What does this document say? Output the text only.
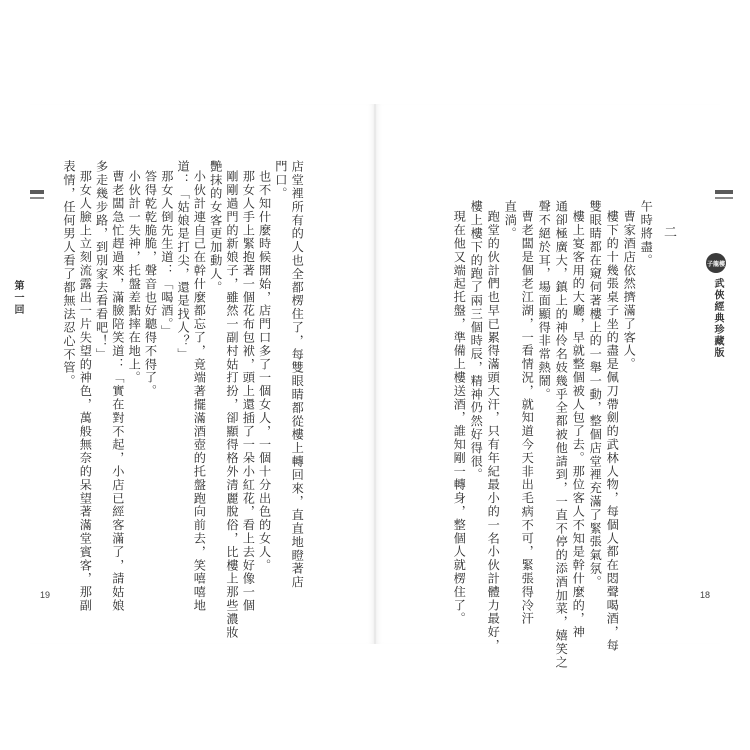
第一回
19
店堂裡所有的人也全都楞住了，每雙眼睛都從樓上轉回來，直直地瞪著店
門口。
也不知什麼時候開始，店門口多了一個女人，一個十分出色的女人。
那女人手上緊抱著一個花布包袱，頭上還插了一朵小紅花，看上去好像一個
剛剛過門的新娘子，雖然一副村姑打扮，卻顯得格外清麗脫俗，比樓上那些濃妝
艷抹的女客更加動人。
小伙計連自己在幹什麼都忘了，竟端著擺滿酒壺的托盤跑向前去，笑嘻嘻地
道：「姑娘是打尖，還是找人？」
那女人倒先生道：「喝酒。」
答得乾乾脆脆，聲音也好聽得不得了。
小伙計一失神，托盤差點摔在地上。
曹老闆急忙趕過來，滿臉陪笑道：「實在對不起，小店已經客滿了，請姑娘
多走幾步路，到別家去看看吧！」
那女人臉上立刻流露出一片失望的神色，萬般無奈的呆望著滿堂賓客，那副
表情，任何男人看了都無法忍心不管。	子龍樓
武俠經典珍藏版
18
二
午時將盡。
曹家酒店依然擠滿了客人。
樓下的十幾張桌子坐的盡是佩刀帶劍的武林人物，每個人都在悶聲喝酒，每
雙眼睛都在窺伺著樓上的一舉一動，整個店堂裡充滿了緊張氣氛。
樓上宴客用的大廳，早就整個被人包了去。那位客人不知是幹什麼的，神
通卻極廣大，鎮上的神伶名妓幾乎全都被他請到，一直不停的添酒加菜，嬉笑之
聲不絕於耳，場面顯得非常熱鬧。
曹老闆是個老江湖，一看情況，就知道今天非出毛病不可，緊張得冷汗
直淌。
跑堂的伙計們也早已累得滿頭大汗，只有年紀最小的一名小伙計體力最好，
樓上樓下的跑了兩三個時辰，精神仍然好得很。
現在他又端起托盤，準備上樓送酒，誰知剛一轉身，整個人就楞住了。
